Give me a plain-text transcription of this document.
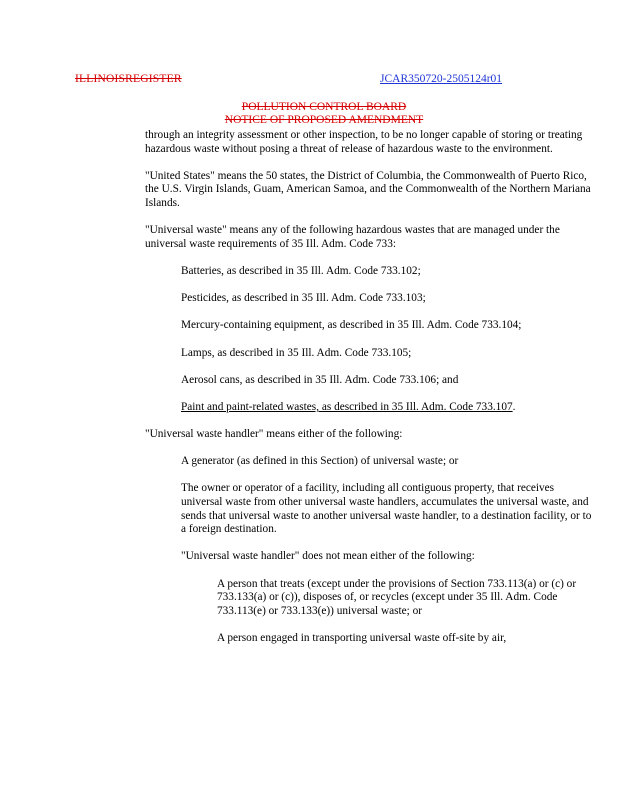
ILLINOISREGISTER	JCAR350720-2505124r01
POLLUTION CONTROL BOARD
NOTICE OF PROPOSED AMENDMENT

through an integrity assessment or other inspection, to be no longer capable of storing or treating hazardous waste without posing a threat of release of hazardous waste to the environment.

"United States" means the 50 states, the District of Columbia, the Commonwealth of Puerto Rico, the U.S. Virgin Islands, Guam, American Samoa, and the Commonwealth of the Northern Mariana Islands.

"Universal waste" means any of the following hazardous wastes that are managed under the universal waste requirements of 35 Ill. Adm. Code 733:

Batteries, as described in 35 Ill. Adm. Code 733.102;

Pesticides, as described in 35 Ill. Adm. Code 733.103;

Mercury-containing equipment, as described in 35 Ill. Adm. Code 733.104;

Lamps, as described in 35 Ill. Adm. Code 733.105;

Aerosol cans, as described in 35 Ill. Adm. Code 733.106; and

Paint and paint-related wastes, as described in 35 Ill. Adm. Code 733.107.

"Universal waste handler" means either of the following:

A generator (as defined in this Section) of universal waste; or

The owner or operator of a facility, including all contiguous property, that receives universal waste from other universal waste handlers, accumulates the universal waste, and sends that universal waste to another universal waste handler, to a destination facility, or to a foreign destination.

"Universal waste handler" does not mean either of the following:

A person that treats (except under the provisions of Section 733.113(a) or (c) or 733.133(a) or (c)), disposes of, or recycles (except under 35 Ill. Adm. Code 733.113(e) or 733.133(e)) universal waste; or

A person engaged in transporting universal waste off-site by air,
